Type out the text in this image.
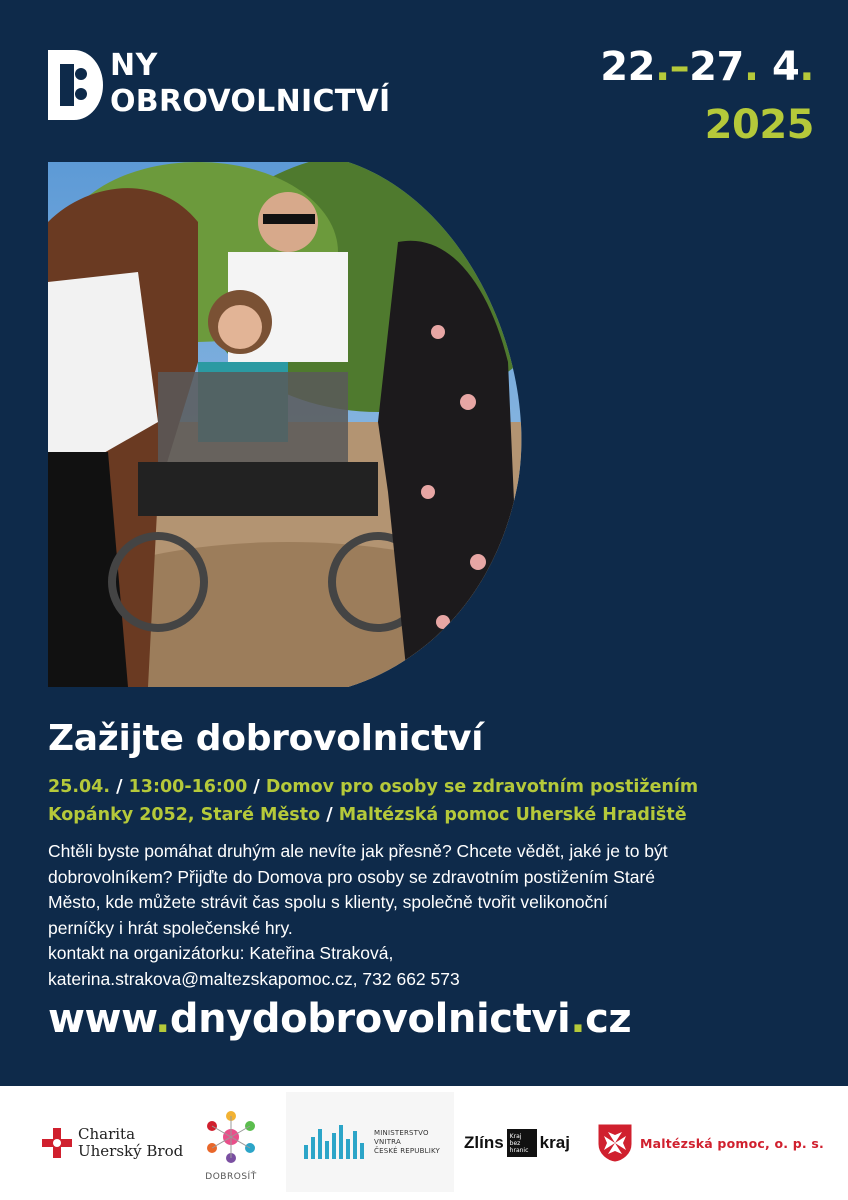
NY
OBROVOLNICTVÍ
22.–27. 4.
2025
Zažijte dobrovolnictví
25.04. / 13:00-16:00 / Domov pro osoby se zdravotním postižením
Kopánky 2052, Staré Město / Maltézská pomoc Uherské Hradiště
Chtěli byste pomáhat druhým ale nevíte jak přesně? Chcete vědět, jaké je to být
dobrovolníkem? Přijďte do Domova pro osoby se zdravotním postižením Staré
Město, kde můžete strávit čas spolu s klienty, společně tvořit velikonoční
perníčky i hrát společenské hry.
kontakt na organizátorku: Kateřina Straková,
katerina.strakova@maltezskapomoc.cz, 732 662 573
www.dnydobrovolnictvi.cz
Charita
Uherský Brod
DOBROSÍŤ
MINISTERSTVO VNITRA
ČESKÉ REPUBLIKY	Zlíns	Kraj bez
hranic kraj	Maltézská pomoc, o. p. s.
